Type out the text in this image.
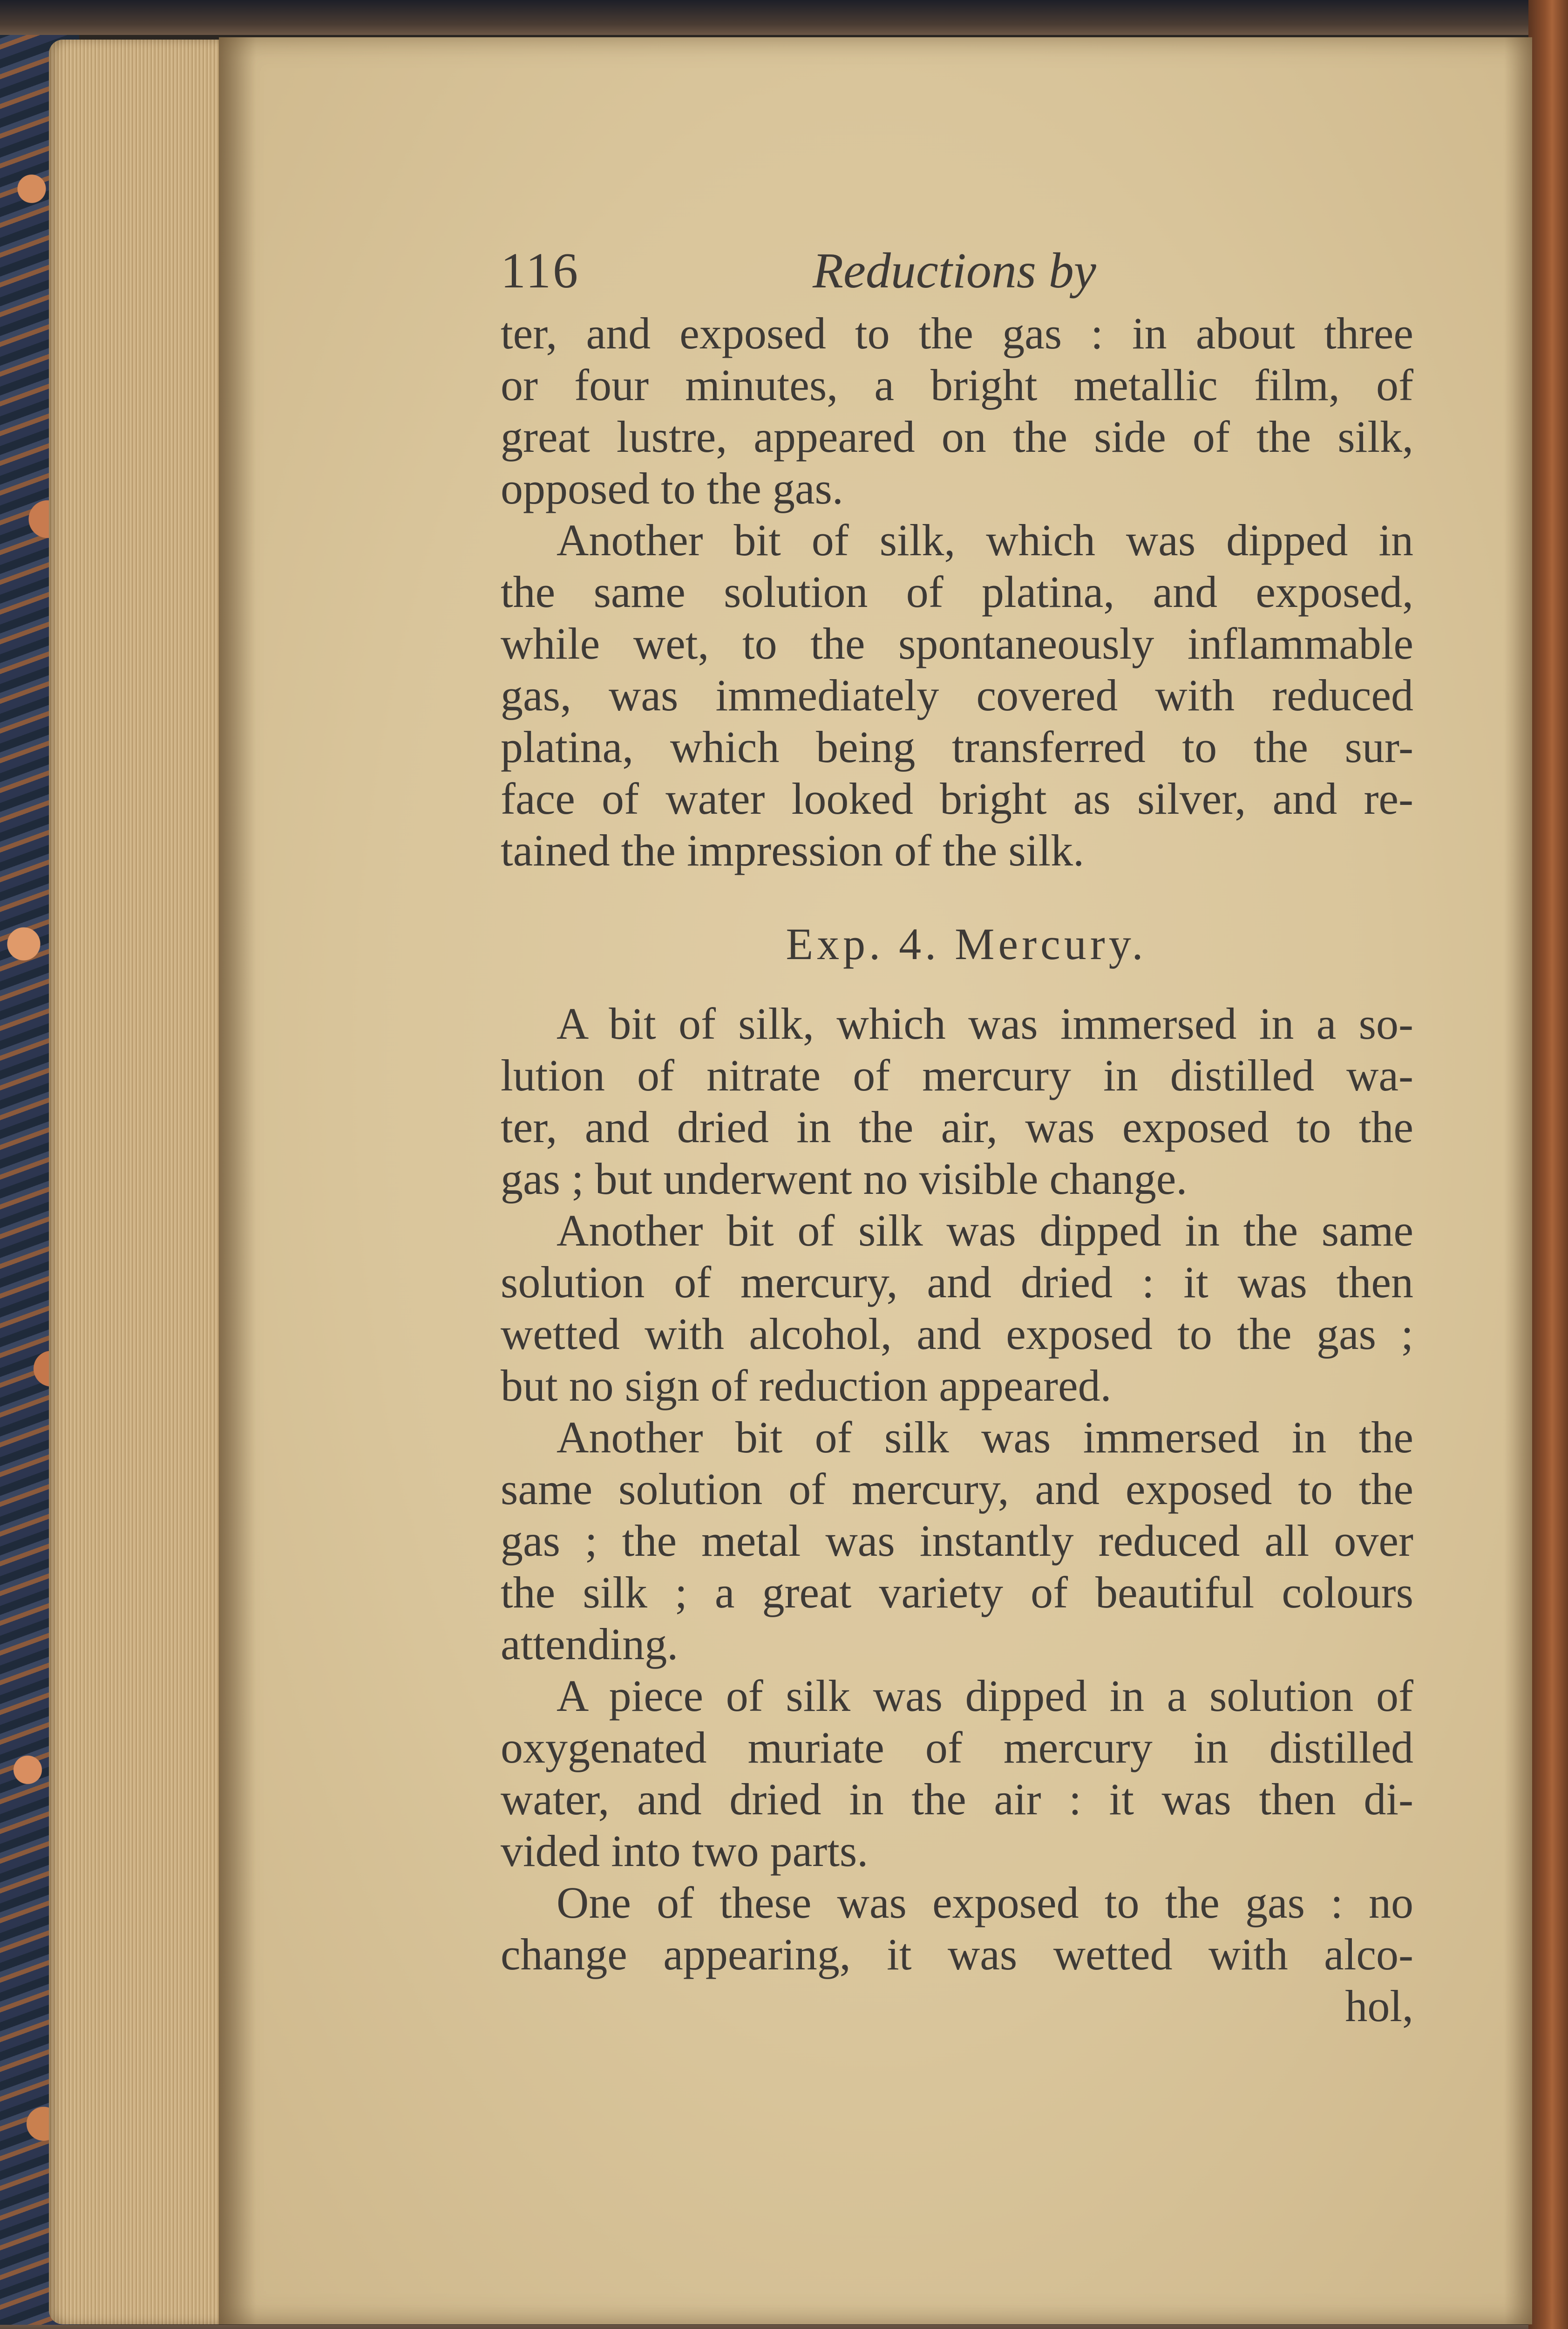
116	Reductions by
ter, and exposed to the gas : in about three
or four minutes, a bright metallic film, of
great lustre, appeared on the side of the silk,
opposed to the gas.
Another bit of silk, which was dipped in
the same solution of platina, and exposed,
while wet, to the spontaneously inflammable
gas, was immediately covered with reduced
platina, which being transferred to the sur-
face of water looked bright as silver, and re-
tained the impression of the silk.
Exp. 4. Mercury.
A bit of silk, which was immersed in a so-
lution of nitrate of mercury in distilled wa-
ter, and dried in the air, was exposed to the
gas ; but underwent no visible change.
Another bit of silk was dipped in the same
solution of mercury, and dried : it was then
wetted with alcohol, and exposed to the gas ;
but no sign of reduction appeared.
Another bit of silk was immersed in the
same solution of mercury, and exposed to the
gas ; the metal was instantly reduced all over
the silk ; a great variety of beautiful colours
attending.
A piece of silk was dipped in a solution of
oxygenated muriate of mercury in distilled
water, and dried in the air : it was then di-
vided into two parts.
One of these was exposed to the gas : no
change appearing, it was wetted with alco-
hol,
